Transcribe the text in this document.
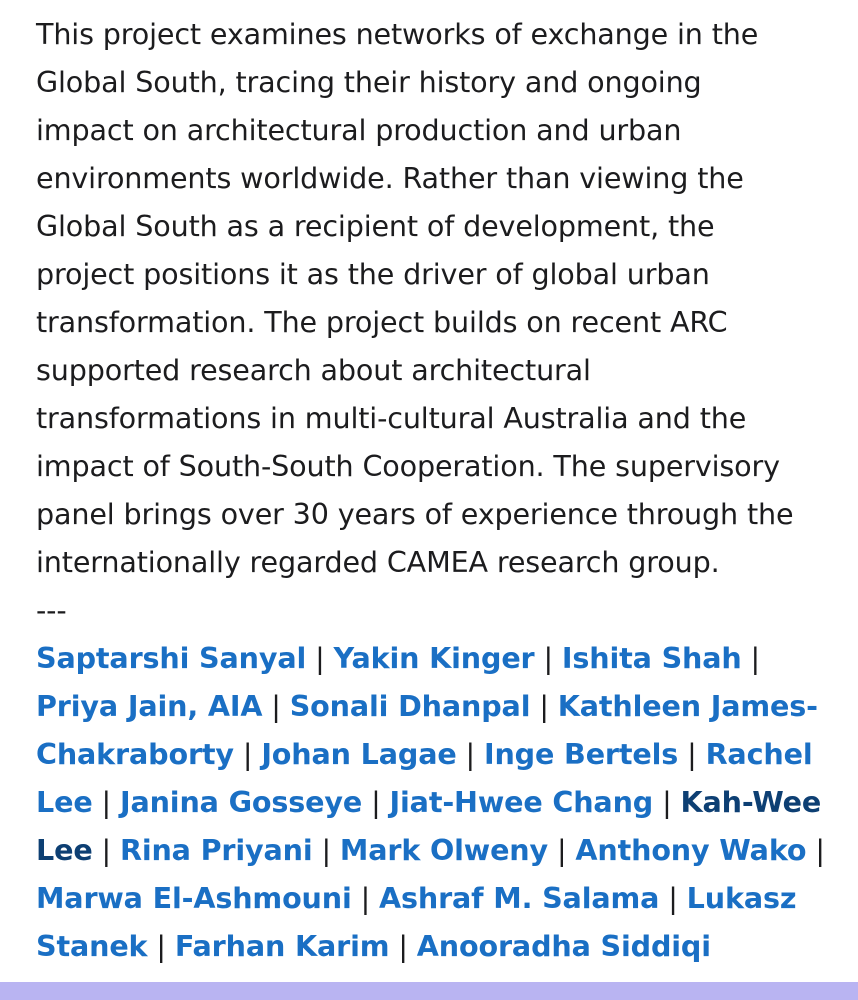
This project examines networks of exchange in the
Global South, tracing their history and ongoing
impact on architectural production and urban
environments worldwide. Rather than viewing the
Global South as a recipient of development, the
project positions it as the driver of global urban
transformation. The project builds on recent ARC
supported research about architectural
transformations in multi-cultural Australia and the
impact of South-South Cooperation. The supervisory
panel brings over 30 years of experience through the
internationally regarded CAMEA research group.

---

Saptarshi Sanyal | Yakin Kinger | Ishita Shah | Priya Jain, AIA | Sonali Dhanpal | Kathleen James-Chakraborty | Johan Lagae | Inge Bertels | Rachel Lee | Janina Gosseye | Jiat-Hwee Chang | Kah-Wee Lee | Rina Priyani | Mark Olweny | Anthony Wako | Marwa El-Ashmouni | Ashraf M. Salama | Lukasz Stanek | Farhan Karim | Anooradha Siddiqi
